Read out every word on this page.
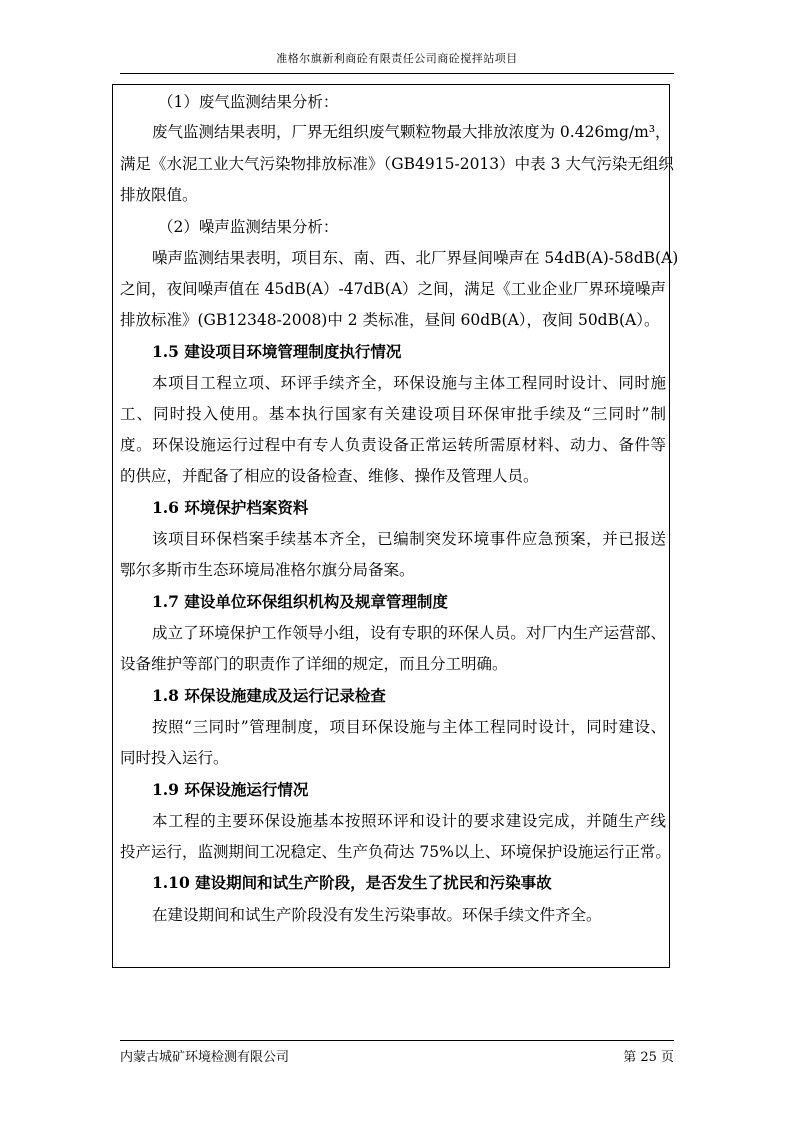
准格尔旗新利商砼有限责任公司商砼搅拌站项目
（1）废气监测结果分析：
废气监测结果表明，厂界无组织废气颗粒物最大排放浓度为 0.426mg/m³，
满足《水泥工业大气污染物排放标准》（GB4915-2013）中表 3 大气污染无组织
排放限值。
（2）噪声监测结果分析：
噪声监测结果表明，项目东、南、西、北厂界昼间噪声在 54dB(A)-58dB(A)
之间，夜间噪声值在 45dB(A）-47dB(A）之间，满足《工业企业厂界环境噪声
排放标准》(GB12348-2008)中 2 类标准，昼间 60dB(A），夜间 50dB(A）。
1.5 建设项目环境管理制度执行情况
本项目工程立项、环评手续齐全，环保设施与主体工程同时设计、同时施
工、同时投入使用。基本执行国家有关建设项目环保审批手续及“三同时”制
度。环保设施运行过程中有专人负责设备正常运转所需原材料、动力、备件等
的供应，并配备了相应的设备检查、维修、操作及管理人员。
1.6 环境保护档案资料
该项目环保档案手续基本齐全，已编制突发环境事件应急预案，并已报送
鄂尔多斯市生态环境局准格尔旗分局备案。
1.7 建设单位环保组织机构及规章管理制度
成立了环境保护工作领导小组，设有专职的环保人员。对厂内生产运营部、
设备维护等部门的职责作了详细的规定，而且分工明确。
1.8 环保设施建成及运行记录检查
按照“三同时”管理制度，项目环保设施与主体工程同时设计，同时建设、
同时投入运行。
1.9 环保设施运行情况
本工程的主要环保设施基本按照环评和设计的要求建设完成，并随生产线
投产运行，监测期间工况稳定、生产负荷达 75%以上、环境保护设施运行正常。
1.10 建设期间和试生产阶段，是否发生了扰民和污染事故
在建设期间和试生产阶段没有发生污染事故。环保手续文件齐全。
内蒙古城矿环境检测有限公司	第 25 页
